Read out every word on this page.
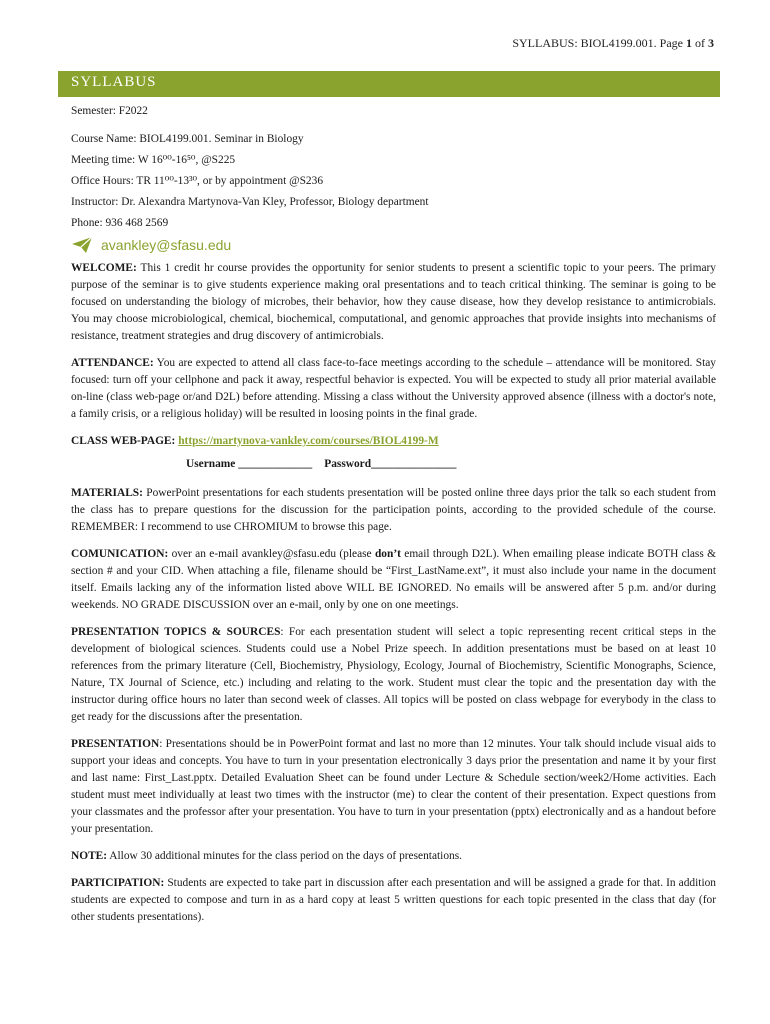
SYLLABUS: BIOL4199.001. Page 1 of 3
SYLLABUS
Semester: F2022
Course Name: BIOL4199.001. Seminar in Biology
Meeting time: W 16⁰⁰-16⁵⁰, @S225
Office Hours: TR 11⁰⁰-13³⁰, or by appointment @S236
Instructor: Dr. Alexandra Martynova-Van Kley, Professor, Biology department
Phone: 936 468 2569
avankley@sfasu.edu

WELCOME: This 1 credit hr course provides the opportunity for senior students to present a scientific topic to your peers. The primary purpose of the seminar is to give students experience making oral presentations and to teach critical thinking. The seminar is going to be focused on understanding the biology of microbes, their behavior, how they cause disease, how they develop resistance to antimicrobials. You may choose microbiological, chemical, biochemical, computational, and genomic approaches that provide insights into mechanisms of resistance, treatment strategies and drug discovery of antimicrobials.

ATTENDANCE: You are expected to attend all class face-to-face meetings according to the schedule – attendance will be monitored. Stay focused: turn off your cellphone and pack it away, respectful behavior is expected. You will be expected to study all prior material available on-line (class web-page or/and D2L) before attending. Missing a class without the University approved absence (illness with a doctor's note, a family crisis, or a religious holiday) will be resulted in loosing points in the final grade.

CLASS WEB-PAGE: https://martynova-vankley.com/courses/BIOL4199-M

Username _____________ Password_______________

MATERIALS: PowerPoint presentations for each students presentation will be posted online three days prior the talk so each student from the class has to prepare questions for the discussion for the participation points, according to the provided schedule of the course. REMEMBER: I recommend to use CHROMIUM to browse this page.

COMUNICATION: over an e-mail avankley@sfasu.edu (please don’t email through D2L). When emailing please indicate BOTH class & section # and your CID. When attaching a file, filename should be “First_LastName.ext”, it must also include your name in the document itself. Emails lacking any of the information listed above WILL BE IGNORED. No emails will be answered after 5 p.m. and/or during weekends. NO GRADE DISCUSSION over an e-mail, only by one on one meetings.

PRESENTATION TOPICS & SOURCES: For each presentation student will select a topic representing recent critical steps in the development of biological sciences. Students could use a Nobel Prize speech. In addition presentations must be based on at least 10 references from the primary literature (Cell, Biochemistry, Physiology, Ecology, Journal of Biochemistry, Scientific Monographs, Science, Nature, TX Journal of Science, etc.) including and relating to the work. Student must clear the topic and the presentation day with the instructor during office hours no later than second week of classes. All topics will be posted on class webpage for everybody in the class to get ready for the discussions after the presentation.

PRESENTATION: Presentations should be in PowerPoint format and last no more than 12 minutes. Your talk should include visual aids to support your ideas and concepts. You have to turn in your presentation electronically 3 days prior the presentation and name it by your first and last name: First_Last.pptx. Detailed Evaluation Sheet can be found under Lecture & Schedule section/week2/Home activities. Each student must meet individually at least two times with the instructor (me) to clear the content of their presentation. Expect questions from your classmates and the professor after your presentation. You have to turn in your presentation (pptx) electronically and as a handout before your presentation.

NOTE: Allow 30 additional minutes for the class period on the days of presentations.

PARTICIPATION: Students are expected to take part in discussion after each presentation and will be assigned a grade for that. In addition students are expected to compose and turn in as a hard copy at least 5 written questions for each topic presented in the class that day (for other students presentations).
